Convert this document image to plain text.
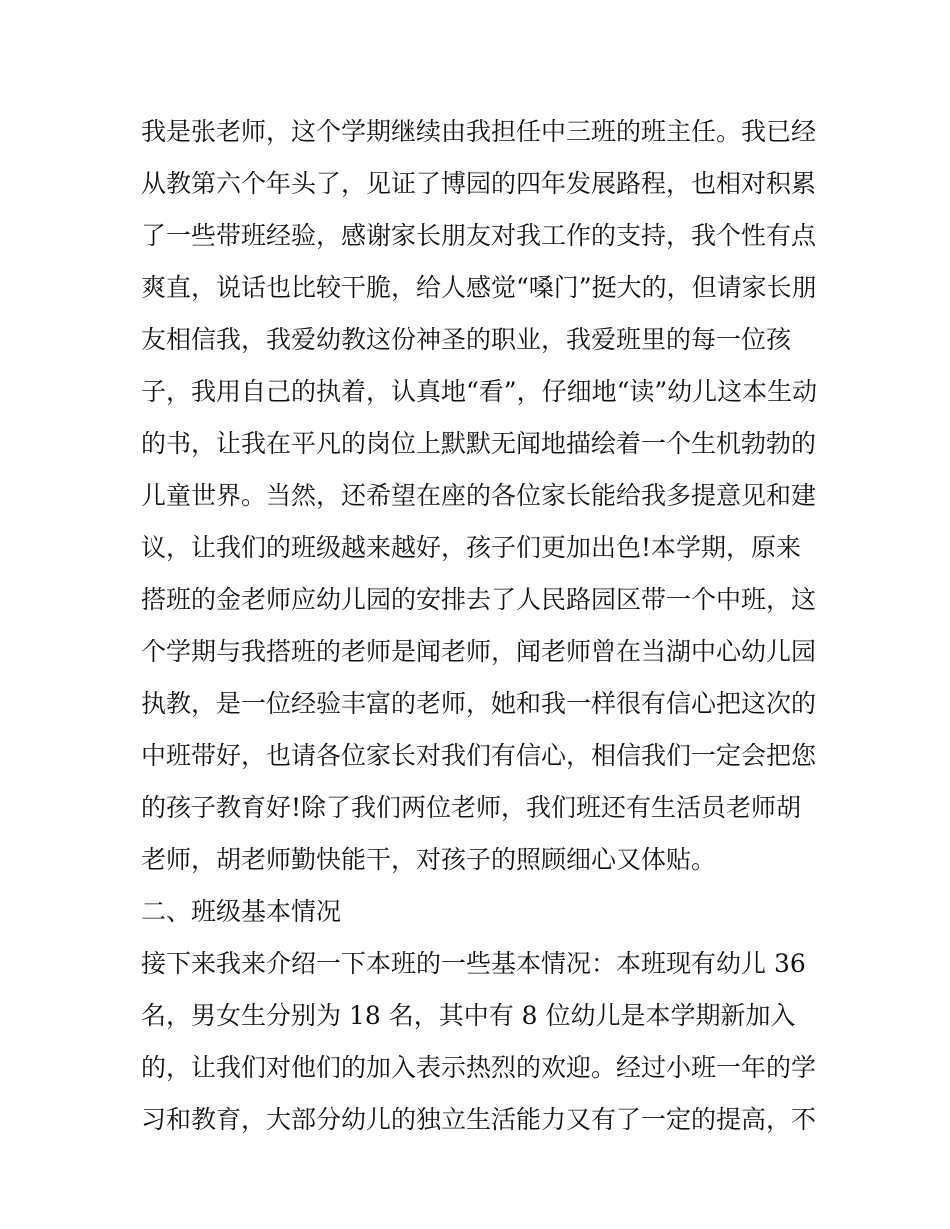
我是张老师，这个学期继续由我担任中三班的班主任。我已经
从教第六个年头了，见证了博园的四年发展路程，也相对积累
了一些带班经验，感谢家长朋友对我工作的支持，我个性有点
爽直，说话也比较干脆，给人感觉“嗓门”挺大的，但请家长朋
友相信我，我爱幼教这份神圣的职业，我爱班里的每一位孩
子，我用自己的执着，认真地“看”，仔细地“读”幼儿这本生动
的书，让我在平凡的岗位上默默无闻地描绘着一个生机勃勃的
儿童世界。当然，还希望在座的各位家长能给我多提意见和建
议，让我们的班级越来越好，孩子们更加出色!本学期，原来
搭班的金老师应幼儿园的安排去了人民路园区带一个中班，这
个学期与我搭班的老师是闻老师，闻老师曾在当湖中心幼儿园
执教，是一位经验丰富的老师，她和我一样很有信心把这次的
中班带好，也请各位家长对我们有信心，相信我们一定会把您
的孩子教育好!除了我们两位老师，我们班还有生活员老师胡
老师，胡老师勤快能干，对孩子的照顾细心又体贴。
二、班级基本情况
接下来我来介绍一下本班的一些基本情况：本班现有幼儿 36
名，男女生分别为 18 名，其中有 8 位幼儿是本学期新加入
的，让我们对他们的加入表示热烈的欢迎。经过小班一年的学
习和教育，大部分幼儿的独立生活能力又有了一定的提高，不
